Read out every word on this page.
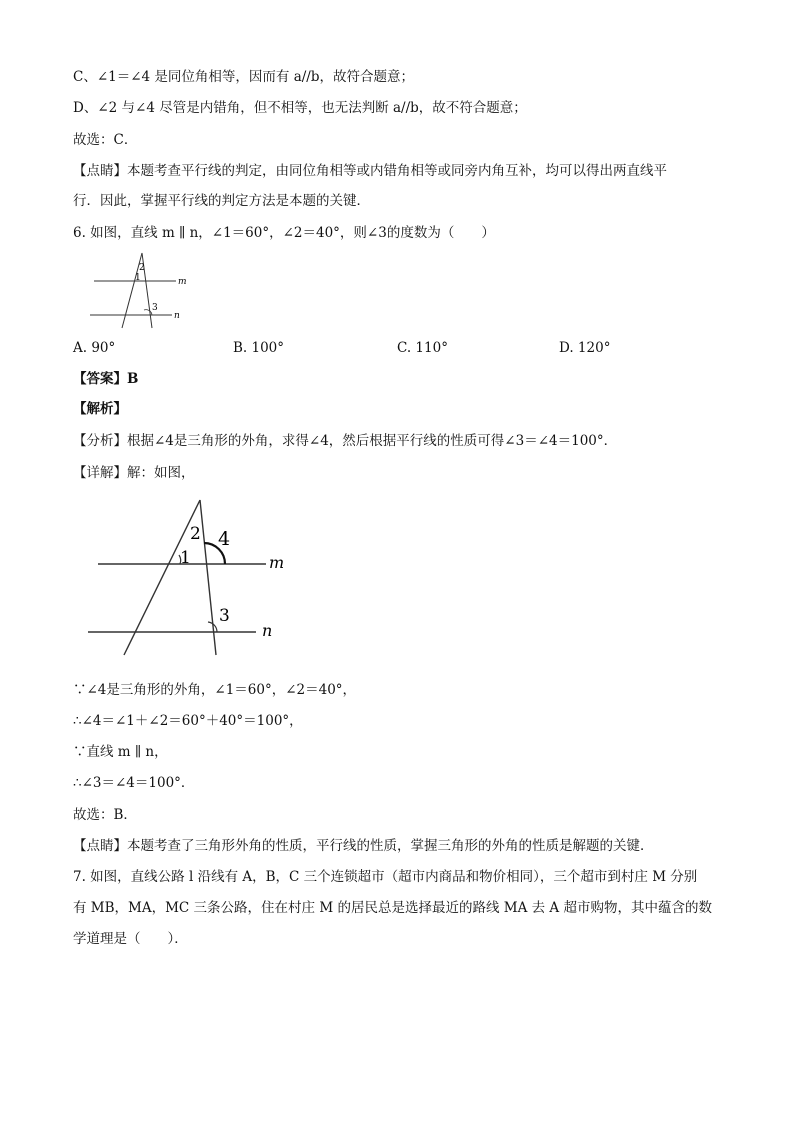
C、∠1＝∠4 是同位角相等，因而有 a//b，故符合题意；
D、∠2 与∠4 尽管是内错角，但不相等，也无法判断 a//b，故不符合题意；
故选：C．
【点睛】本题考查平行线的判定，由同位角相等或内错角相等或同旁内角互补，均可以得出两直线平
行．因此，掌握平行线的判定方法是本题的关键．
6. 如图，直线 m ∥ n，∠1＝60°，∠2＝40°，则∠3的度数为（　　）
1
2
3
m
n
A. 90°	B. 100°	C. 110°	D. 120°
【答案】B
【解析】
【分析】根据∠4是三角形的外角，求得∠4，然后根据平行线的性质可得∠3＝∠4＝100°．
【详解】解：如图，
1
2
3
4
m
n
∵∠4是三角形的外角，∠1＝60°，∠2＝40°，
∴∠4＝∠1＋∠2＝60°＋40°＝100°，
∵直线 m ∥ n，
∴∠3＝∠4＝100°．
故选：B．
【点睛】本题考查了三角形外角的性质，平行线的性质，掌握三角形的外角的性质是解题的关键．
7. 如图，直线公路 l 沿线有 A，B，C 三个连锁超市（超市内商品和物价相同），三个超市到村庄 M 分别
有 MB，MA，MC 三条公路，住在村庄 M 的居民总是选择最近的路线 MA 去 A 超市购物，其中蕴含的数
学道理是（　　）．
